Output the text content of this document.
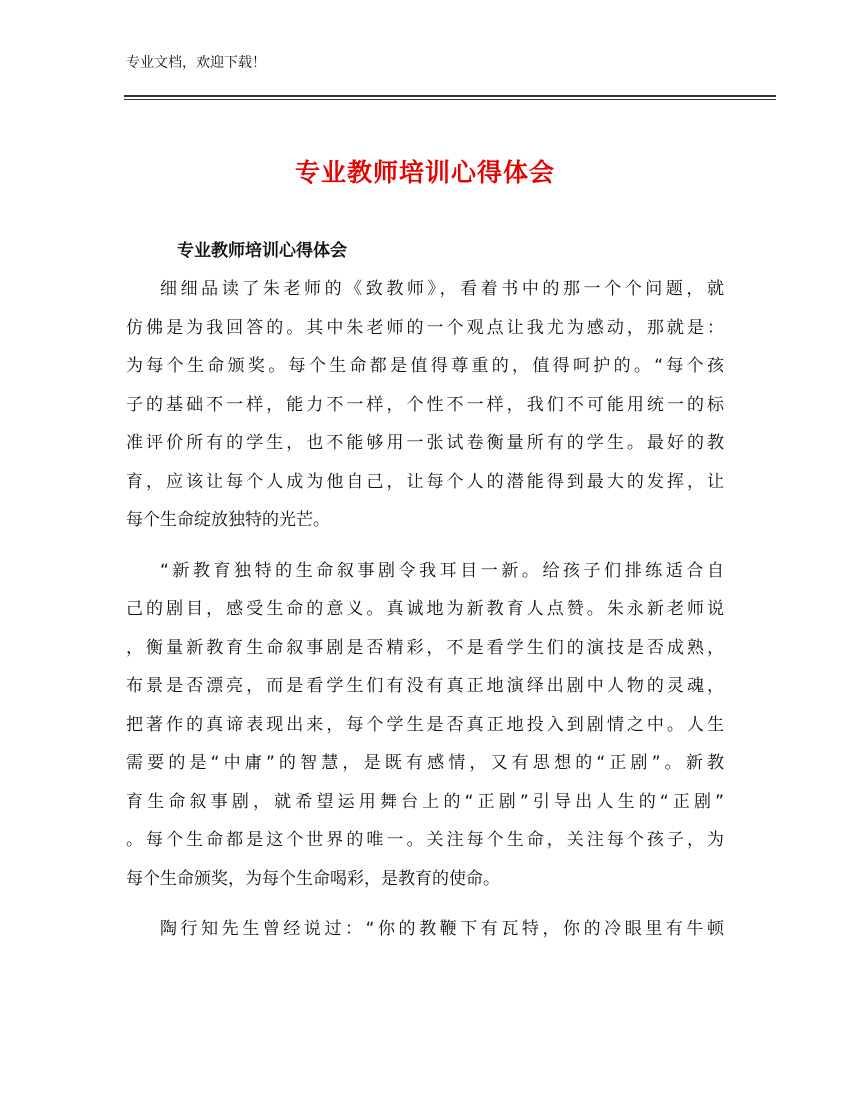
专业文档，欢迎下载！
专业教师培训心得体会
专业教师培训心得体会
细细品读了朱老师的《致教师》，看着书中的那一个个问题，就
仿佛是为我回答的。其中朱老师的一个观点让我尤为感动，那就是：
为每个生命颁奖。每个生命都是值得尊重的，值得呵护的。“每个孩
子的基础不一样，能力不一样，个性不一样，我们不可能用统一的标
准评价所有的学生，也不能够用一张试卷衡量所有的学生。最好的教
育，应该让每个人成为他自己，让每个人的潜能得到最大的发挥，让
每个生命绽放独特的光芒。
“新教育独特的生命叙事剧令我耳目一新。给孩子们排练适合自
己的剧目，感受生命的意义。真诚地为新教育人点赞。朱永新老师说
，衡量新教育生命叙事剧是否精彩，不是看学生们的演技是否成熟，
布景是否漂亮，而是看学生们有没有真正地演绎出剧中人物的灵魂，
把著作的真谛表现出来，每个学生是否真正地投入到剧情之中。人生
需要的是“中庸”的智慧，是既有感情，又有思想的“正剧”。新教
育生命叙事剧，就希望运用舞台上的“正剧”引导出人生的“正剧”
。每个生命都是这个世界的唯一。关注每个生命，关注每个孩子，为
每个生命颁奖，为每个生命喝彩，是教育的使命。
陶行知先生曾经说过：“你的教鞭下有瓦特，你的冷眼里有牛顿
